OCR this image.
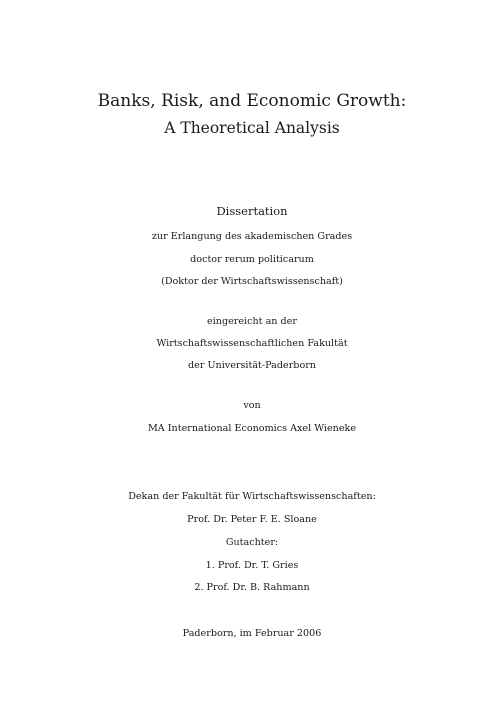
Banks, Risk, and Economic Growth:
A Theoretical Analysis
Dissertation
zur Erlangung des akademischen Grades
doctor rerum politicarum
(Doktor der Wirtschaftswissenschaft)
eingereicht an der
Wirtschaftswissenschaftlichen Fakultät
der Universität-Paderborn
von
MA International Economics Axel Wieneke
Dekan der Fakultät für Wirtschaftswissenschaften:
Prof. Dr. Peter F. E. Sloane
Gutachter:
1. Prof. Dr. T. Gries
2. Prof. Dr. B. Rahmann
Paderborn, im Februar 2006
